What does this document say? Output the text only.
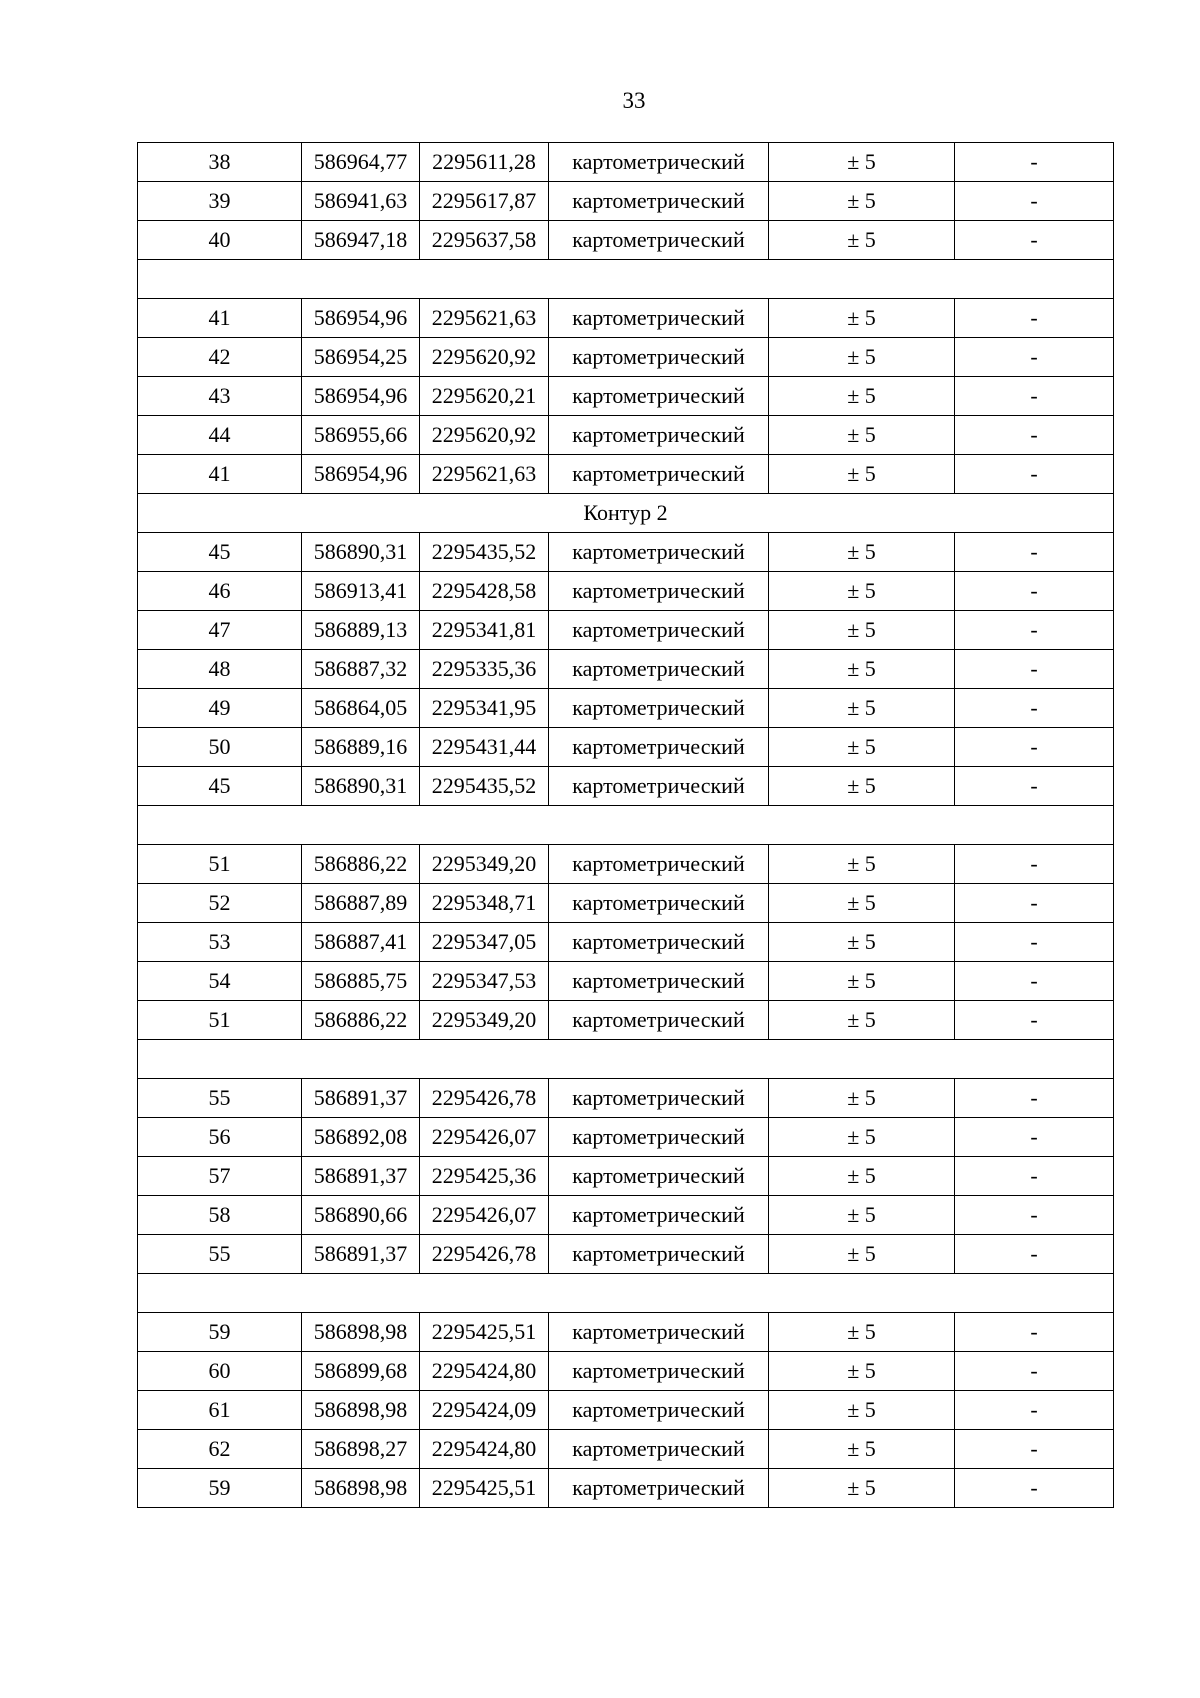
33
38	586964,77	2295611,28	картометрический	± 5	-
39	586941,63	2295617,87	картометрический	± 5	-
40	586947,18	2295637,58	картометрический	± 5	-

41	586954,96	2295621,63	картометрический	± 5	-
42	586954,25	2295620,92	картометрический	± 5	-
43	586954,96	2295620,21	картометрический	± 5	-
44	586955,66	2295620,92	картометрический	± 5	-
41	586954,96	2295621,63	картометрический	± 5	-
Контур 2					
45	586890,31	2295435,52	картометрический	± 5	-
46	586913,41	2295428,58	картометрический	± 5	-
47	586889,13	2295341,81	картометрический	± 5	-
48	586887,32	2295335,36	картометрический	± 5	-
49	586864,05	2295341,95	картометрический	± 5	-
50	586889,16	2295431,44	картометрический	± 5	-
45	586890,31	2295435,52	картометрический	± 5	-

51	586886,22	2295349,20	картометрический	± 5	-
52	586887,89	2295348,71	картометрический	± 5	-
53	586887,41	2295347,05	картометрический	± 5	-
54	586885,75	2295347,53	картометрический	± 5	-
51	586886,22	2295349,20	картометрический	± 5	-

55	586891,37	2295426,78	картометрический	± 5	-
56	586892,08	2295426,07	картометрический	± 5	-
57	586891,37	2295425,36	картометрический	± 5	-
58	586890,66	2295426,07	картометрический	± 5	-
55	586891,37	2295426,78	картометрический	± 5	-

59	586898,98	2295425,51	картометрический	± 5	-
60	586899,68	2295424,80	картометрический	± 5	-
61	586898,98	2295424,09	картометрический	± 5	-
62	586898,27	2295424,80	картометрический	± 5	-
59	586898,98	2295425,51	картометрический	± 5	-
